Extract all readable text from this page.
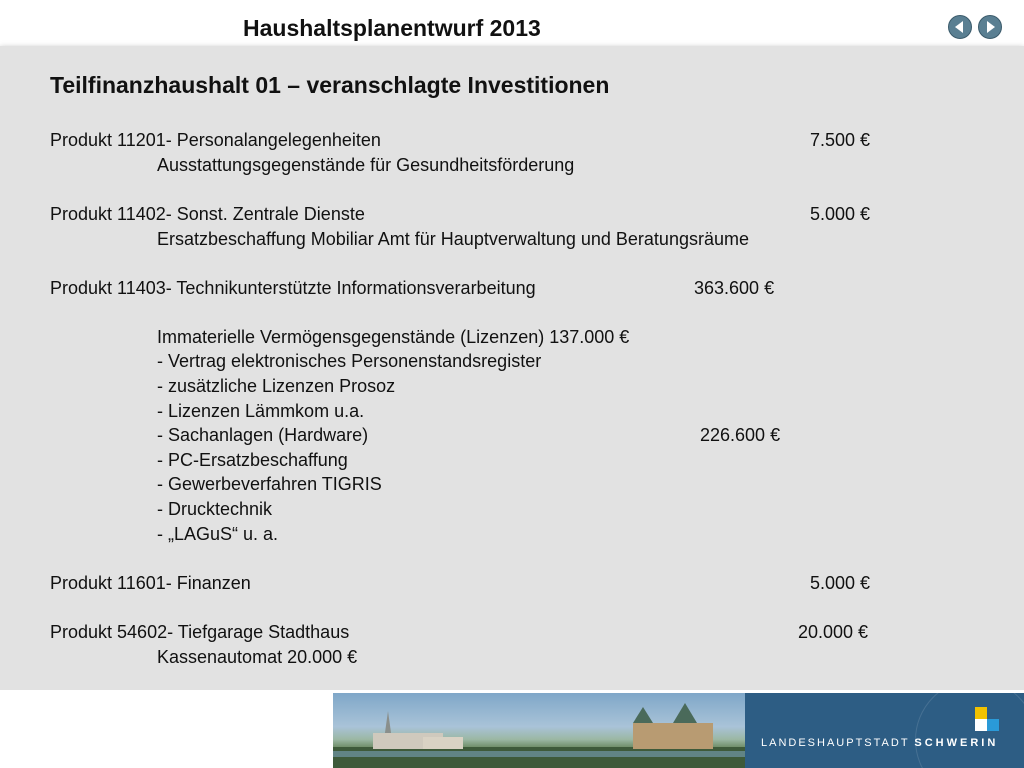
Haushaltsplanentwurf 2013
Teilfinanzhaushalt 01 – veranschlagte Investitionen
Produkt 11201- Personalangelegenheiten	7.500 €
Ausstattungsgegenstände für Gesundheitsförderung
Produkt 11402- Sonst. Zentrale Dienste	5.000 €
Ersatzbeschaffung Mobiliar Amt für Hauptverwaltung und Beratungsräume
Produkt 11403- Technikunterstützte Informationsverarbeitung	363.600 €
Immaterielle Vermögensgegenstände (Lizenzen) 137.000 €
- Vertrag elektronisches Personenstandsregister
- zusätzliche Lizenzen Prosoz
- Lizenzen Lämmkom u.a.
- Sachanlagen (Hardware)	226.600 €
- PC-Ersatzbeschaffung
- Gewerbeverfahren TIGRIS
- Drucktechnik
- „LAGuS“ u. a.
Produkt 11601- Finanzen	5.000 €
Produkt 54602- Tiefgarage Stadthaus	20.000 €
Kassenautomat 20.000 €
LANDESHAUPTSTADT SCHWERIN
